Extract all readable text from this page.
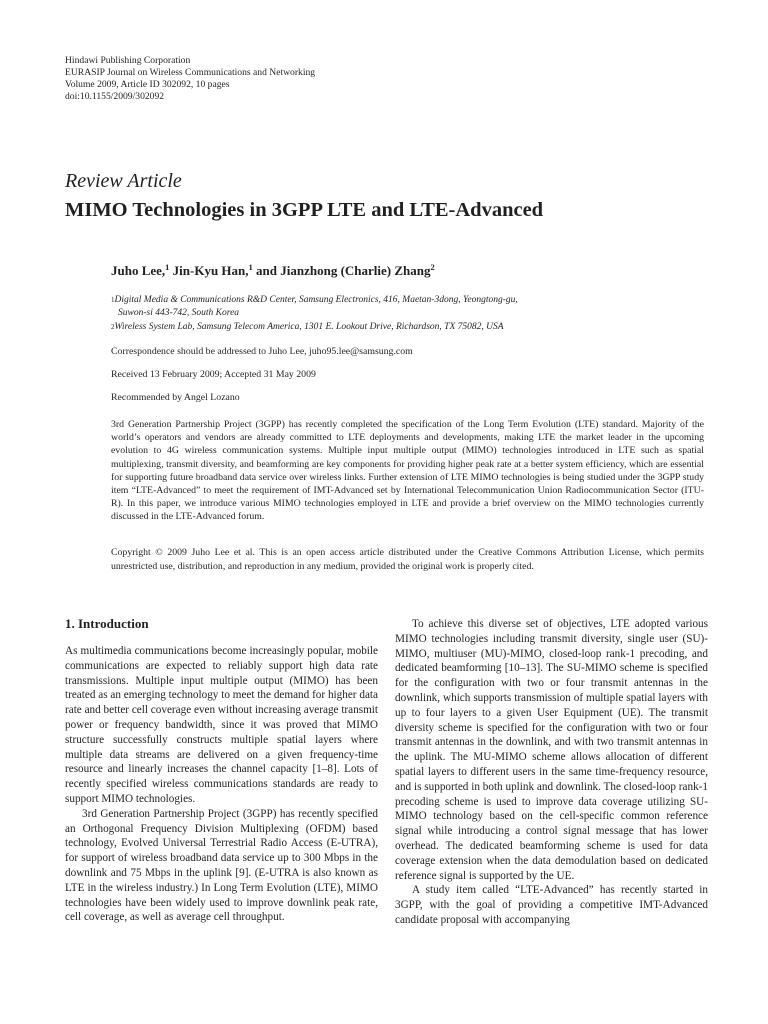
Hindawi Publishing Corporation
EURASIP Journal on Wireless Communications and Networking
Volume 2009, Article ID 302092, 10 pages
doi:10.1155/2009/302092
Review Article
MIMO Technologies in 3GPP LTE and LTE-Advanced
Juho Lee,$^1$ Jin-Kyu Han,$^1$ and Jianzhong (Charlie) Zhang$^2$
$^1$Digital Media & Communications R&D Center, Samsung Electronics, 416, Maetan-3dong, Yeongtong-gu,
Suwon-si 443-742, South Korea
$^2$Wireless System Lab, Samsung Telecom America, 1301 E. Lookout Drive, Richardson, TX 75082, USA
Correspondence should be addressed to Juho Lee, juho95.lee@samsung.com
Received 13 February 2009; Accepted 31 May 2009
Recommended by Angel Lozano
3rd Generation Partnership Project (3GPP) has recently completed the specification of the Long Term Evolution (LTE) standard. Majority of the world’s operators and vendors are already committed to LTE deployments and developments, making LTE the market leader in the upcoming evolution to 4G wireless communication systems. Multiple input multiple output (MIMO) technologies introduced in LTE such as spatial multiplexing, transmit diversity, and beamforming are key components for providing higher peak rate at a better system efficiency, which are essential for supporting future broadband data service over wireless links. Further extension of LTE MIMO technologies is being studied under the 3GPP study item “LTE-Advanced” to meet the requirement of IMT-Advanced set by International Telecommunication Union Radiocommunication Sector (ITU-R). In this paper, we introduce various MIMO technologies employed in LTE and provide a brief overview on the MIMO technologies currently discussed in the LTE-Advanced forum.
Copyright © 2009 Juho Lee et al. This is an open access article distributed under the Creative Commons Attribution License, which permits unrestricted use, distribution, and reproduction in any medium, provided the original work is properly cited.
1. Introduction

As multimedia communications become increasingly popular, mobile communications are expected to reliably support high data rate transmissions. Multiple input multiple output (MIMO) has been treated as an emerging technology to meet the demand for higher data rate and better cell coverage even without increasing average transmit power or frequency bandwidth, since it was proved that MIMO structure successfully constructs multiple spatial layers where multiple data streams are delivered on a given frequency-time resource and linearly increases the channel capacity [1–8]. Lots of recently specified wireless communications standards are ready to support MIMO technologies.

3rd Generation Partnership Project (3GPP) has recently specified an Orthogonal Frequency Division Multiplexing (OFDM) based technology, Evolved Universal Terrestrial Radio Access (E-UTRA), for support of wireless broadband data service up to 300 Mbps in the downlink and 75 Mbps in the uplink [9]. (E-UTRA is also known as LTE in the wireless industry.) In Long Term Evolution (LTE), MIMO technologies have been widely used to improve downlink peak rate, cell coverage, as well as average cell throughput.

To achieve this diverse set of objectives, LTE adopted various MIMO technologies including transmit diversity, single user (SU)-MIMO, multiuser (MU)-MIMO, closed-loop rank-1 precoding, and dedicated beamforming [10–13]. The SU-MIMO scheme is specified for the configuration with two or four transmit antennas in the downlink, which supports transmission of multiple spatial layers with up to four layers to a given User Equipment (UE). The transmit diversity scheme is specified for the configuration with two or four transmit antennas in the downlink, and with two transmit antennas in the uplink. The MU-MIMO scheme allows allocation of different spatial layers to different users in the same time-frequency resource, and is supported in both uplink and downlink. The closed-loop rank-1 precoding scheme is used to improve data coverage utilizing SU-MIMO technology based on the cell-specific common reference signal while introducing a control signal message that has lower overhead. The dedicated beamforming scheme is used for data coverage extension when the data demodulation based on dedicated reference signal is supported by the UE.

A study item called “LTE-Advanced” has recently started in 3GPP, with the goal of providing a competitive IMT-Advanced candidate proposal with accompanying
